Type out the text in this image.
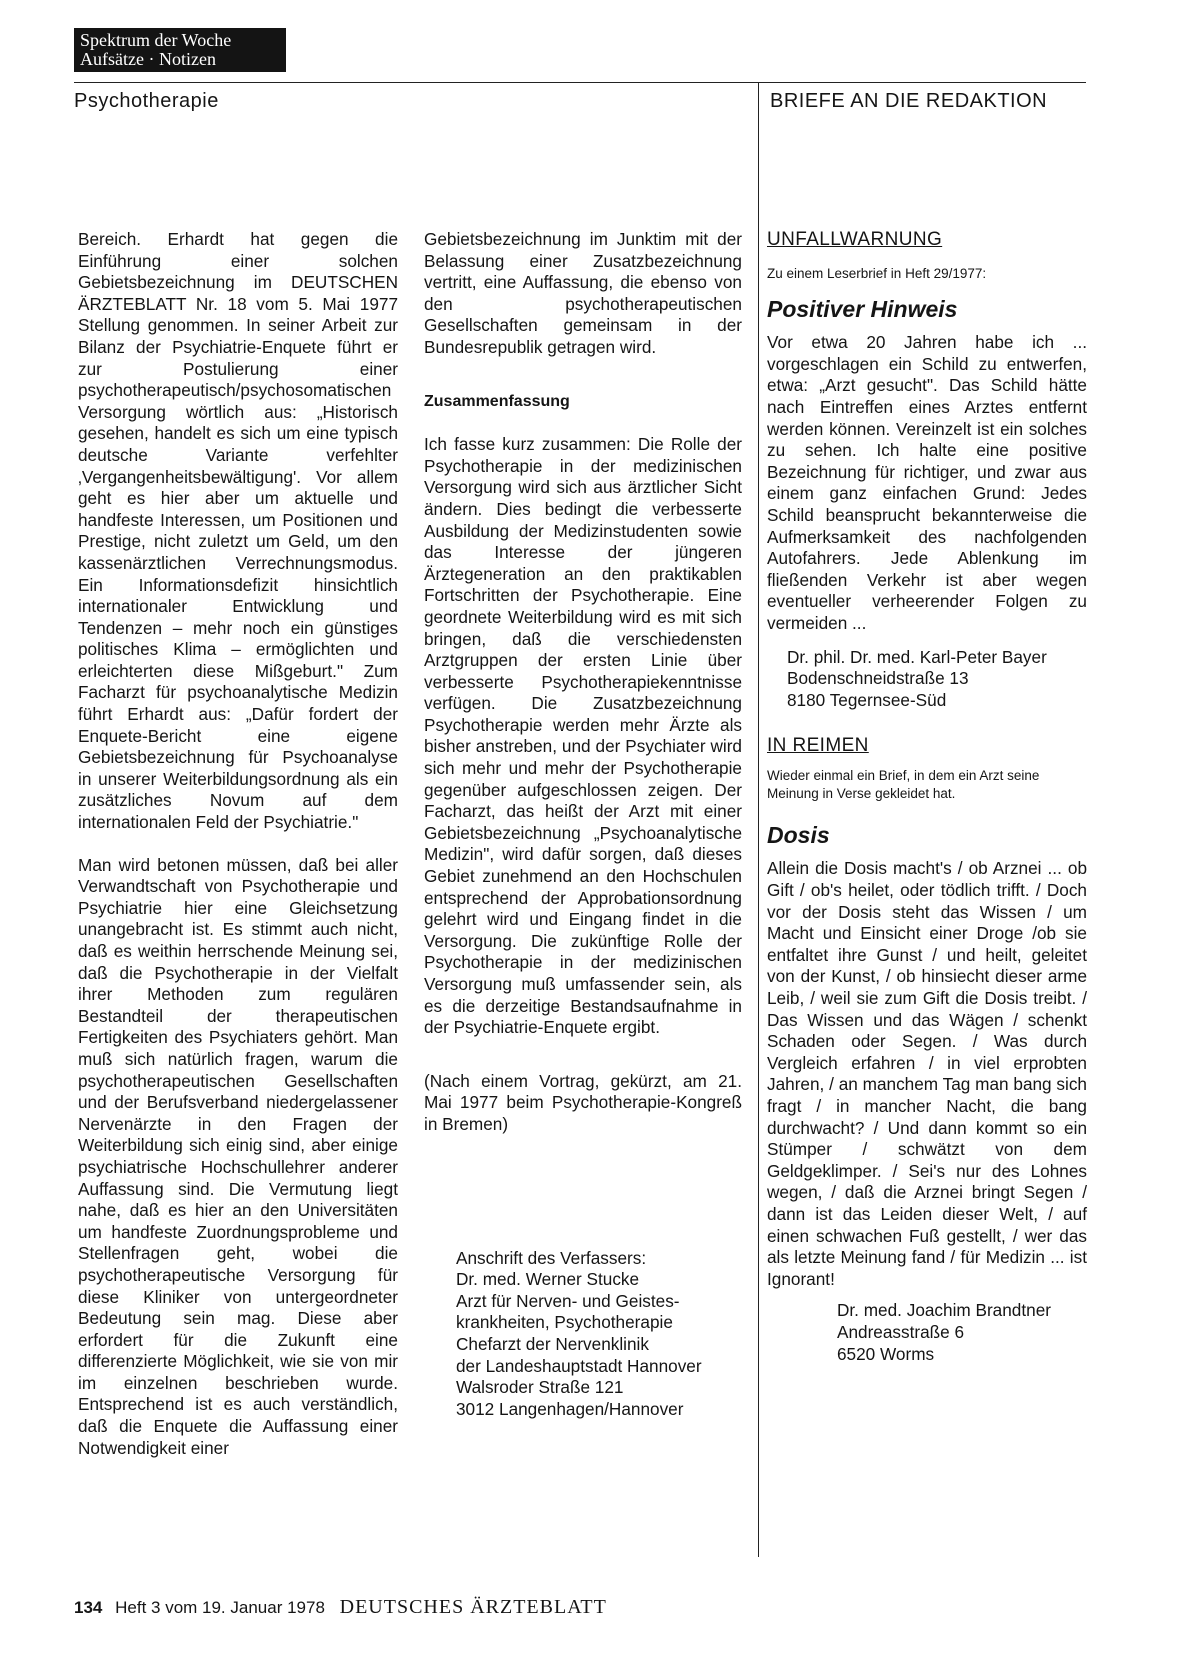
Spektrum der Woche
Aufsätze · Notizen
Psychotherapie	BRIEFE AN DIE REDAKTION

Bereich. Erhardt hat gegen die Einführung einer solchen Gebietsbezeichnung im DEUTSCHEN ÄRZTEBLATT Nr. 18 vom 5. Mai 1977 Stellung genommen. In seiner Arbeit zur Bilanz der Psychiatrie-Enquete führt er zur Postulierung einer psychotherapeutisch/psychosomatischen Versorgung wörtlich aus: „Historisch gesehen, handelt es sich um eine typisch deutsche Variante verfehlter ‚Vergangenheitsbewältigung'. Vor allem geht es hier aber um aktuelle und handfeste Interessen, um Positionen und Prestige, nicht zuletzt um Geld, um den kassenärztlichen Verrechnungsmodus. Ein Informationsdefizit hinsichtlich internationaler Entwicklung und Tendenzen – mehr noch ein günstiges politisches Klima – ermöglichten und erleichterten diese Mißgeburt." Zum Facharzt für psychoanalytische Medizin führt Erhardt aus: „Dafür fordert der Enquete-Bericht eine eigene Gebietsbezeichnung für Psychoanalyse in unserer Weiterbildungsordnung als ein zusätzliches Novum auf dem internationalen Feld der Psychiatrie."

Man wird betonen müssen, daß bei aller Verwandtschaft von Psychotherapie und Psychiatrie hier eine Gleichsetzung unangebracht ist. Es stimmt auch nicht, daß es weithin herrschende Meinung sei, daß die Psychotherapie in der Vielfalt ihrer Methoden zum regulären Bestandteil der therapeutischen Fertigkeiten des Psychiaters gehört. Man muß sich natürlich fragen, warum die psychotherapeutischen Gesellschaften und der Berufsverband niedergelassener Nervenärzte in den Fragen der Weiterbildung sich einig sind, aber einige psychiatrische Hochschullehrer anderer Auffassung sind. Die Vermutung liegt nahe, daß es hier an den Universitäten um handfeste Zuordnungsprobleme und Stellenfragen geht, wobei die psychotherapeutische Versorgung für diese Kliniker von untergeordneter Bedeutung sein mag. Diese aber erfordert für die Zukunft eine differenzierte Möglichkeit, wie sie von mir im einzelnen beschrieben wurde. Entsprechend ist es auch verständlich, daß die Enquete die Auffassung einer Notwendigkeit einer

Gebietsbezeichnung im Junktim mit der Belassung einer Zusatzbezeichnung vertritt, eine Auffassung, die ebenso von den psychotherapeutischen Gesellschaften gemeinsam in der Bundesrepublik getragen wird.

Zusammenfassung

Ich fasse kurz zusammen: Die Rolle der Psychotherapie in der medizinischen Versorgung wird sich aus ärztlicher Sicht ändern. Dies bedingt die verbesserte Ausbildung der Medizinstudenten sowie das Interesse der jüngeren Ärztegeneration an den praktikablen Fortschritten der Psychotherapie. Eine geordnete Weiterbildung wird es mit sich bringen, daß die verschiedensten Arztgruppen der ersten Linie über verbesserte Psychotherapiekenntnisse verfügen. Die Zusatzbezeichnung Psychotherapie werden mehr Ärzte als bisher anstreben, und der Psychiater wird sich mehr und mehr der Psychotherapie gegenüber aufgeschlossen zeigen. Der Facharzt, das heißt der Arzt mit einer Gebietsbezeichnung „Psychoanalytische Medizin", wird dafür sorgen, daß dieses Gebiet zunehmend an den Hochschulen entsprechend der Approbationsordnung gelehrt wird und Eingang findet in die Versorgung. Die zukünftige Rolle der Psychotherapie in der medizinischen Versorgung muß umfassender sein, als es die derzeitige Bestandsaufnahme in der Psychiatrie-Enquete ergibt.

(Nach einem Vortrag, gekürzt, am 21. Mai 1977 beim Psychotherapie-Kongreß in Bremen)

Anschrift des Verfassers:
Dr. med. Werner Stucke
Arzt für Nerven- und Geistes-
krankheiten, Psychotherapie
Chefarzt der Nervenklinik
der Landeshauptstadt Hannover
Walsroder Straße 121
3012 Langenhagen/Hannover

UNFALLWARNUNG

Zu einem Leserbrief in Heft 29/1977:

Positiver Hinweis

Vor etwa 20 Jahren habe ich ... vorgeschlagen ein Schild zu entwerfen, etwa: „Arzt gesucht". Das Schild hätte nach Eintreffen eines Arztes entfernt werden können. Vereinzelt ist ein solches zu sehen. Ich halte eine positive Bezeichnung für richtiger, und zwar aus einem ganz einfachen Grund: Jedes Schild beansprucht bekannterweise die Aufmerksamkeit des nachfolgenden Autofahrers. Jede Ablenkung im fließenden Verkehr ist aber wegen eventueller verheerender Folgen zu vermeiden ...

Dr. phil. Dr. med. Karl-Peter Bayer
Bodenschneidstraße 13
8180 Tegernsee-Süd

IN REIMEN

Wieder einmal ein Brief, in dem ein Arzt seine Meinung in Verse gekleidet hat.

Dosis

Allein die Dosis macht's / ob Arznei ... ob Gift / ob's heilet, oder tödlich trifft. / Doch vor der Dosis steht das Wissen / um Macht und Einsicht einer Droge /ob sie entfaltet ihre Gunst / und heilt, geleitet von der Kunst, / ob hinsiecht dieser arme Leib, / weil sie zum Gift die Dosis treibt. / Das Wissen und das Wägen / schenkt Schaden oder Segen. / Was durch Vergleich erfahren / in viel erprobten Jahren, / an manchem Tag man bang sich fragt / in mancher Nacht, die bang durchwacht? / Und dann kommt so ein Stümper / schwätzt von dem Geldgeklimper. / Sei's nur des Lohnes wegen, / daß die Arznei bringt Segen / dann ist das Leiden dieser Welt, / auf einen schwachen Fuß gestellt, / wer das als letzte Meinung fand / für Medizin ... ist Ignorant!

Dr. med. Joachim Brandtner
Andreasstraße 6
6520 Worms
134 Heft 3 vom 19. Januar 1978 DEUTSCHES ÄRZTEBLATT
